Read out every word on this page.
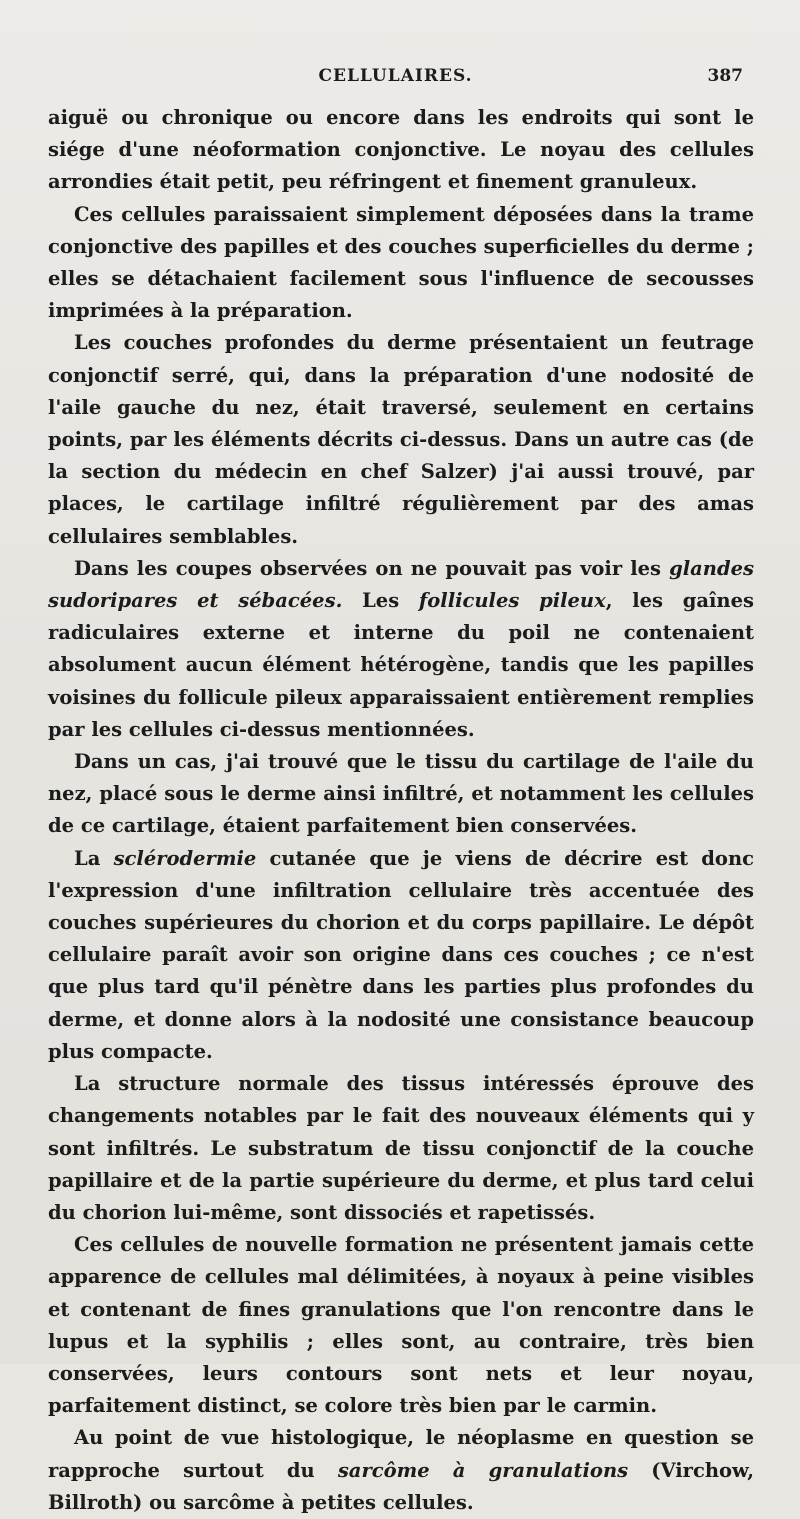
CELLULAIRES.	387

aiguë ou chronique ou encore dans les endroits qui sont le siége d'une néoformation conjonctive. Le noyau des cellules arrondies était petit, peu réfringent et finement granuleux.

Ces cellules paraissaient simplement déposées dans la trame conjonctive des papilles et des couches superficielles du derme ; elles se détachaient facilement sous l'influence de secousses imprimées à la préparation.

Les couches profondes du derme présentaient un feutrage conjonctif serré, qui, dans la préparation d'une nodosité de l'aile gauche du nez, était traversé, seulement en certains points, par les éléments décrits ci-dessus. Dans un autre cas (de la section du médecin en chef Salzer) j'ai aussi trouvé, par places, le cartilage infiltré régulièrement par des amas cellulaires semblables.

Dans les coupes observées on ne pouvait pas voir les glandes sudoripares et sébacées. Les follicules pileux, les gaînes radiculaires externe et interne du poil ne contenaient absolument aucun élément hétérogène, tandis que les papilles voisines du follicule pileux apparaissaient entièrement remplies par les cellules ci-dessus mentionnées.

Dans un cas, j'ai trouvé que le tissu du cartilage de l'aile du nez, placé sous le derme ainsi infiltré, et notamment les cellules de ce cartilage, étaient parfaitement bien conservées.

La sclérodermie cutanée que je viens de décrire est donc l'expression d'une infiltration cellulaire très accentuée des couches supérieures du chorion et du corps papillaire. Le dépôt cellulaire paraît avoir son origine dans ces couches ; ce n'est que plus tard qu'il pénètre dans les parties plus profondes du derme, et donne alors à la nodosité une consistance beaucoup plus compacte.

La structure normale des tissus intéressés éprouve des changements notables par le fait des nouveaux éléments qui y sont infiltrés. Le substratum de tissu conjonctif de la couche papillaire et de la partie supérieure du derme, et plus tard celui du chorion lui-même, sont dissociés et rapetissés.

Ces cellules de nouvelle formation ne présentent jamais cette apparence de cellules mal délimitées, à noyaux à peine visibles et contenant de fines granulations que l'on rencontre dans le lupus et la syphilis ; elles sont, au contraire, très bien conservées, leurs contours sont nets et leur noyau, parfaitement distinct, se colore très bien par le carmin.

Au point de vue histologique, le néoplasme en question se rapproche surtout du sarcôme à granulations (Virchow, Billroth) ou sarcôme à petites cellules.
